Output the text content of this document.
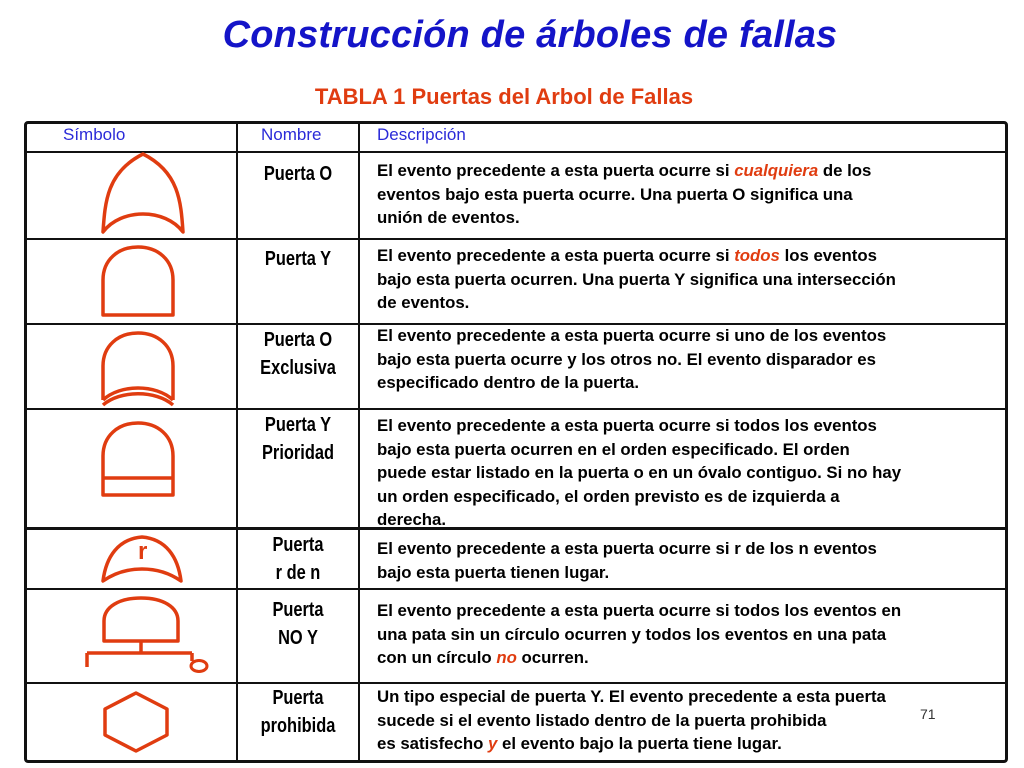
Construcción de árboles de fallas
TABLA 1 Puertas del Arbol de Fallas
Símbolo	Nombre	Descripción
r
Puerta O
Puerta Y
Puerta O
Exclusiva
Puerta Y
Prioridad
Puerta
r de n
Puerta
NO Y
Puerta
prohibida
El evento precedente a esta puerta ocurre si cualquiera de los
eventos bajo esta puerta ocurre. Una puerta O significa una
unión de eventos.
El evento precedente a esta puerta ocurre si todos los eventos
bajo esta puerta ocurren. Una puerta Y significa una intersección
de eventos.
El evento precedente a esta puerta ocurre si uno de los eventos
bajo esta puerta ocurre y los otros no. El evento disparador es
especificado dentro de la puerta.
El evento precedente a esta puerta ocurre si todos los eventos
bajo esta puerta ocurren en el orden especificado. El orden
puede estar listado en la puerta o en un óvalo contiguo. Si no hay
un orden especificado, el orden previsto es de izquierda a
derecha.
El evento precedente a esta puerta ocurre si r de los n eventos
bajo esta puerta tienen lugar.
El evento precedente a esta puerta ocurre si todos los eventos en
una pata sin un círculo ocurren y todos los eventos en una pata
con un círculo no ocurren.
Un tipo especial de puerta Y. El evento precedente a esta puerta
sucede si el evento listado dentro de la puerta prohibida
es satisfecho y el evento bajo la puerta tiene lugar.
71
